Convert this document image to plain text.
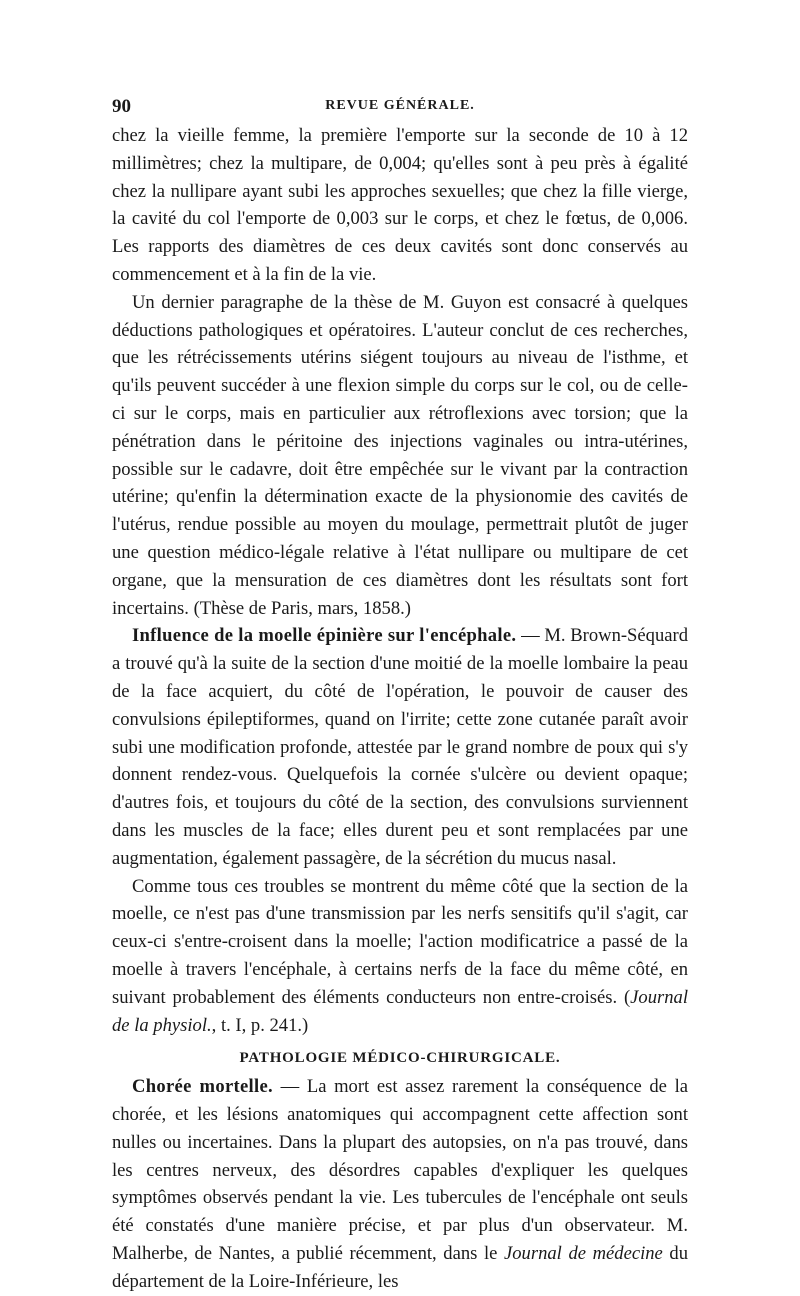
90	REVUE GÉNÉRALE.

chez la vieille femme, la première l'emporte sur la seconde de 10 à 12 millimètres; chez la multipare, de 0,004; qu'elles sont à peu près à égalité chez la nullipare ayant subi les approches sexuelles; que chez la fille vierge, la cavité du col l'emporte de 0,003 sur le corps, et chez le fœtus, de 0,006. Les rapports des diamètres de ces deux cavités sont donc conservés au commencement et à la fin de la vie.

Un dernier paragraphe de la thèse de M. Guyon est consacré à quelques déductions pathologiques et opératoires. L'auteur conclut de ces recherches, que les rétrécissements utérins siégent toujours au niveau de l'isthme, et qu'ils peuvent succéder à une flexion simple du corps sur le col, ou de celle-ci sur le corps, mais en particulier aux rétroflexions avec torsion; que la pénétration dans le péritoine des injections vaginales ou intra-utérines, possible sur le cadavre, doit être empêchée sur le vivant par la contraction utérine; qu'enfin la détermination exacte de la physionomie des cavités de l'utérus, rendue possible au moyen du moulage, permettrait plutôt de juger une question médico-légale relative à l'état nullipare ou multipare de cet organe, que la mensuration de ces diamètres dont les résultats sont fort incertains. (Thèse de Paris, mars, 1858.)

Influence de la moelle épinière sur l'encéphale. — M. Brown-Séquard a trouvé qu'à la suite de la section d'une moitié de la moelle lombaire la peau de la face acquiert, du côté de l'opération, le pouvoir de causer des convulsions épileptiformes, quand on l'irrite; cette zone cutanée paraît avoir subi une modification profonde, attestée par le grand nombre de poux qui s'y donnent rendez-vous. Quelquefois la cornée s'ulcère ou devient opaque; d'autres fois, et toujours du côté de la section, des convulsions surviennent dans les muscles de la face; elles durent peu et sont remplacées par une augmentation, également passagère, de la sécrétion du mucus nasal.

Comme tous ces troubles se montrent du même côté que la section de la moelle, ce n'est pas d'une transmission par les nerfs sensitifs qu'il s'agit, car ceux-ci s'entre-croisent dans la moelle; l'action modificatrice a passé de la moelle à travers l'encéphale, à certains nerfs de la face du même côté, en suivant probablement des éléments conducteurs non entre-croisés. (Journal de la physiol., t. I, p. 241.)

PATHOLOGIE MÉDICO-CHIRURGICALE.

Chorée mortelle. — La mort est assez rarement la conséquence de la chorée, et les lésions anatomiques qui accompagnent cette affection sont nulles ou incertaines. Dans la plupart des autopsies, on n'a pas trouvé, dans les centres nerveux, des désordres capables d'expliquer les quelques symptômes observés pendant la vie. Les tubercules de l'encéphale ont seuls été constatés d'une manière précise, et par plus d'un observateur. M. Malherbe, de Nantes, a publié récemment, dans le Journal de médecine du département de la Loire-Inférieure, les
